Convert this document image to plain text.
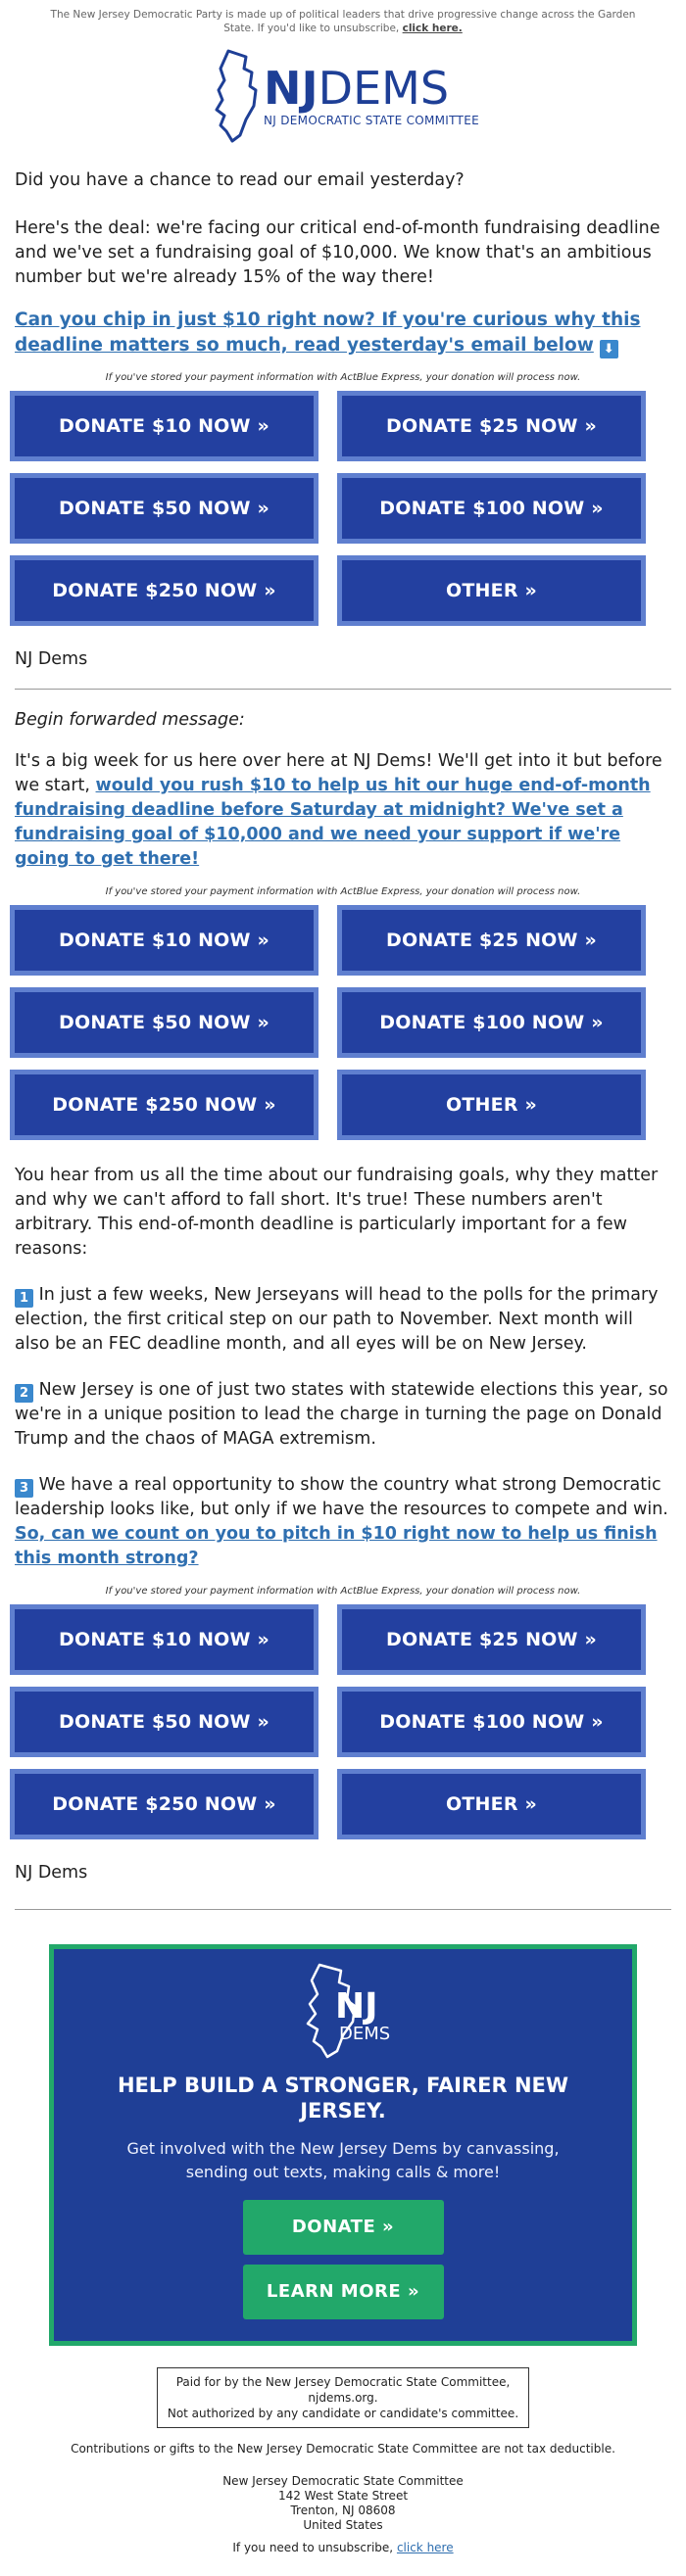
The New Jersey Democratic Party is made up of political leaders that drive progressive change across the Garden State. If you'd like to unsubscribe, click here.
NJDEMS
NJ DEMOCRATIC STATE COMMITTEE
Did you have a chance to read our email yesterday?
Here's the deal: we're facing our critical end-of-month fundraising deadline and we've set a fundraising goal of $10,000. We know that's an ambitious number but we're already 15% of the way there!
Can you chip in just $10 right now? If you're curious why this deadline matters so much, read yesterday's email below ⬇
If you've stored your payment information with ActBlue Express, your donation will process now.
DONATE $10 NOW »	DONATE $25 NOW »
DONATE $50 NOW »	DONATE $100 NOW »
DONATE $250 NOW »	OTHER »
NJ Dems
Begin forwarded message:
It's a big week for us here over here at NJ Dems! We'll get into it but before we start, would you rush $10 to help us hit our huge end-of-month fundraising deadline before Saturday at midnight? We've set a fundraising goal of $10,000 and we need your support if we're going to get there!
If you've stored your payment information with ActBlue Express, your donation will process now.
DONATE $10 NOW »	DONATE $25 NOW »
DONATE $50 NOW »	DONATE $100 NOW »
DONATE $250 NOW »	OTHER »
You hear from us all the time about our fundraising goals, why they matter and why we can't afford to fall short. It's true! These numbers aren't arbitrary. This end-of-month deadline is particularly important for a few reasons:
1 In just a few weeks, New Jerseyans will head to the polls for the primary election, the first critical step on our path to November. Next month will also be an FEC deadline month, and all eyes will be on New Jersey.
2 New Jersey is one of just two states with statewide elections this year, so we're in a unique position to lead the charge in turning the page on Donald Trump and the chaos of MAGA extremism.
3 We have a real opportunity to show the country what strong Democratic leadership looks like, but only if we have the resources to compete and win. So, can we count on you to pitch in $10 right now to help us finish this month strong?
If you've stored your payment information with ActBlue Express, your donation will process now.
DONATE $10 NOW »	DONATE $25 NOW »
DONATE $50 NOW »	DONATE $100 NOW »
DONATE $250 NOW »	OTHER »
NJ Dems
NJ
DEMS
HELP BUILD A STRONGER, FAIRER NEW JERSEY.

Get involved with the New Jersey Dems by canvassing, sending out texts, making calls & more!

DONATE »
LEARN MORE »
Paid for by the New Jersey Democratic State Committee,
njdems.org.
Not authorized by any candidate or candidate's committee.
Contributions or gifts to the New Jersey Democratic State Committee are not tax deductible.
New Jersey Democratic State Committee
142 West State Street
Trenton, NJ 08608
United States
If you need to unsubscribe, click here
